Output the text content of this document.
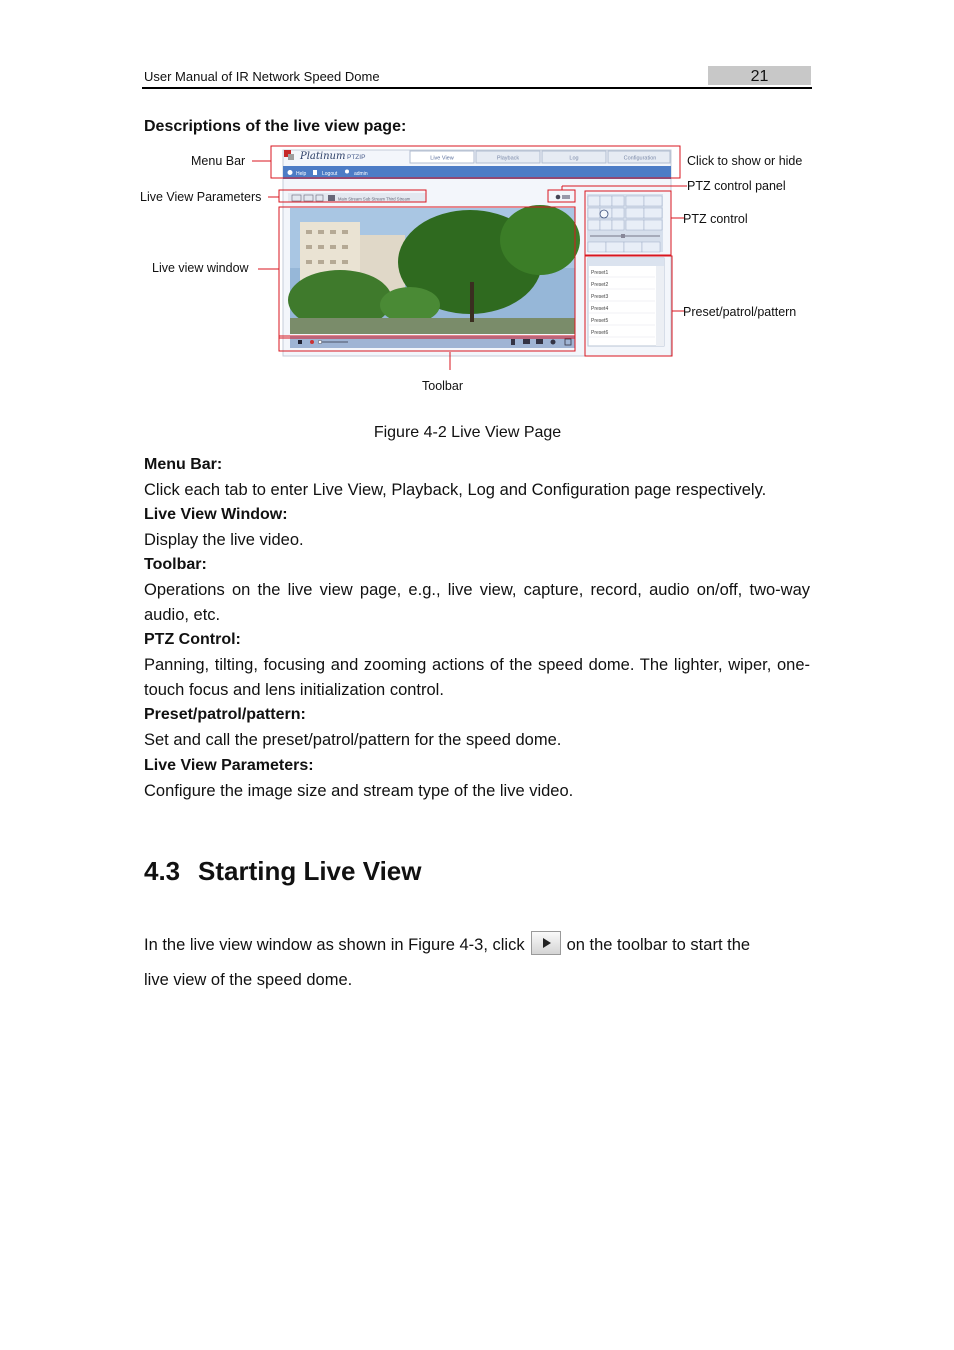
User Manual of IR Network Speed Dome	21
Descriptions of the live view page:
Platinum PTZIP	Live View	Playback	Log	Configuration
Help	Logout	admin
Main Stream Sub Stream Third Stream
Preset1
Preset2
Preset3
Preset4
Preset5
Preset6
Menu Bar
Live View Parameters
Live view window
Toolbar
Click to show or hide
PTZ control panel
PTZ control
Preset/patrol/pattern
Figure 4-2 Live View Page
Menu Bar:
Click each tab to enter Live View, Playback, Log and Configuration page respectively.
Live View Window:
Display the live video.
Toolbar:
Operations on the live view page, e.g., live view, capture, record, audio on/off, two-way audio, etc.
PTZ Control:
Panning, tilting, focusing and zooming actions of the speed dome. The lighter, wiper, one-touch focus and lens initialization control.
Preset/patrol/pattern:
Set and call the preset/patrol/pattern for the speed dome.
Live View Parameters:
Configure the image size and stream type of the live video.
4.3 Starting Live View
In the live view window as shown in Figure 4-3, click	on the toolbar to start the
live view of the speed dome.
